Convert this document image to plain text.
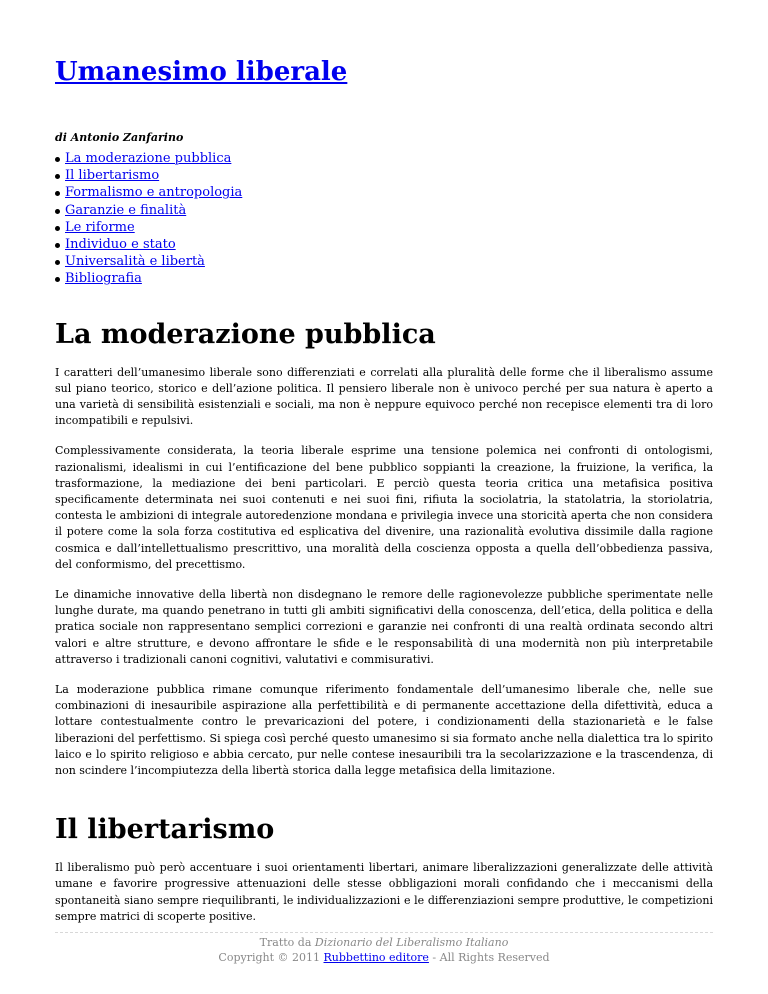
Umanesimo liberale
di Antonio Zanfarino
La moderazione pubblica
Il libertarismo
Formalismo e antropologia
Garanzie e finalità
Le riforme
Individuo e stato
Universalità e libertà
Bibliografia
La moderazione pubblica

I caratteri dell’umanesimo liberale sono differenziati e correlati alla pluralità delle forme che il liberalismo assume sul piano teorico, storico e dell’azione politica. Il pensiero liberale non è univoco perché per sua natura è aperto a una varietà di sensibilità esistenziali e sociali, ma non è neppure equivoco perché non recepisce elementi tra di loro incompatibili e repulsivi.

Complessivamente considerata, la teoria liberale esprime una tensione polemica nei confronti di ontologismi, razionalismi, idealismi in cui l’entificazione del bene pubblico soppianti la creazione, la fruizione, la verifica, la trasformazione, la mediazione dei beni particolari. E perciò questa teoria critica una metafisica positiva specificamente determinata nei suoi contenuti e nei suoi fini, rifiuta la sociolatria, la statolatria, la storiolatria, contesta le ambizioni di integrale autoredenzione mondana e privilegia invece una storicità aperta che non considera il potere come la sola forza costitutiva ed esplicativa del divenire, una razionalità evolutiva dissimile dalla ragione cosmica e dall’intellettualismo prescrittivo, una moralità della coscienza opposta a quella dell’obbedienza passiva, del conformismo, del precettismo.

Le dinamiche innovative della libertà non disdegnano le remore delle ragionevolezze pubbliche sperimentate nelle lunghe durate, ma quando penetrano in tutti gli ambiti significativi della conoscenza, dell’etica, della politica e della pratica sociale non rappresentano semplici correzioni e garanzie nei confronti di una realtà ordinata secondo altri valori e altre strutture, e devono affrontare le sfide e le responsabilità di una modernità non più interpretabile attraverso i tradizionali canoni cognitivi, valutativi e commisurativi.

La moderazione pubblica rimane comunque riferimento fondamentale dell’umanesimo liberale che, nelle sue combinazioni di inesauribile aspirazione alla perfettibilità e di permanente accettazione della difettività, educa a lottare contestualmente contro le prevaricazioni del potere, i condizionamenti della stazionarietà e le false liberazioni del perfettismo. Si spiega così perché questo umanesimo si sia formato anche nella dialettica tra lo spirito laico e lo spirito religioso e abbia cercato, pur nelle contese inesauribili tra la secolarizzazione e la trascendenza, di non scindere l’incompiutezza della libertà storica dalla legge metafisica della limitazione.

Il libertarismo

Il liberalismo può però accentuare i suoi orientamenti libertari, animare liberalizzazioni generalizzate delle attività umane e favorire progressive attenuazioni delle stesse obbligazioni morali confidando che i meccanismi della spontaneità siano sempre riequilibranti, le individualizzazioni e le differenziazioni sempre produttive, le competizioni sempre matrici di scoperte positive.

Tratto da Dizionario del Liberalismo Italiano
Copyright © 2011 Rubbettino editore - All Rights Reserved
